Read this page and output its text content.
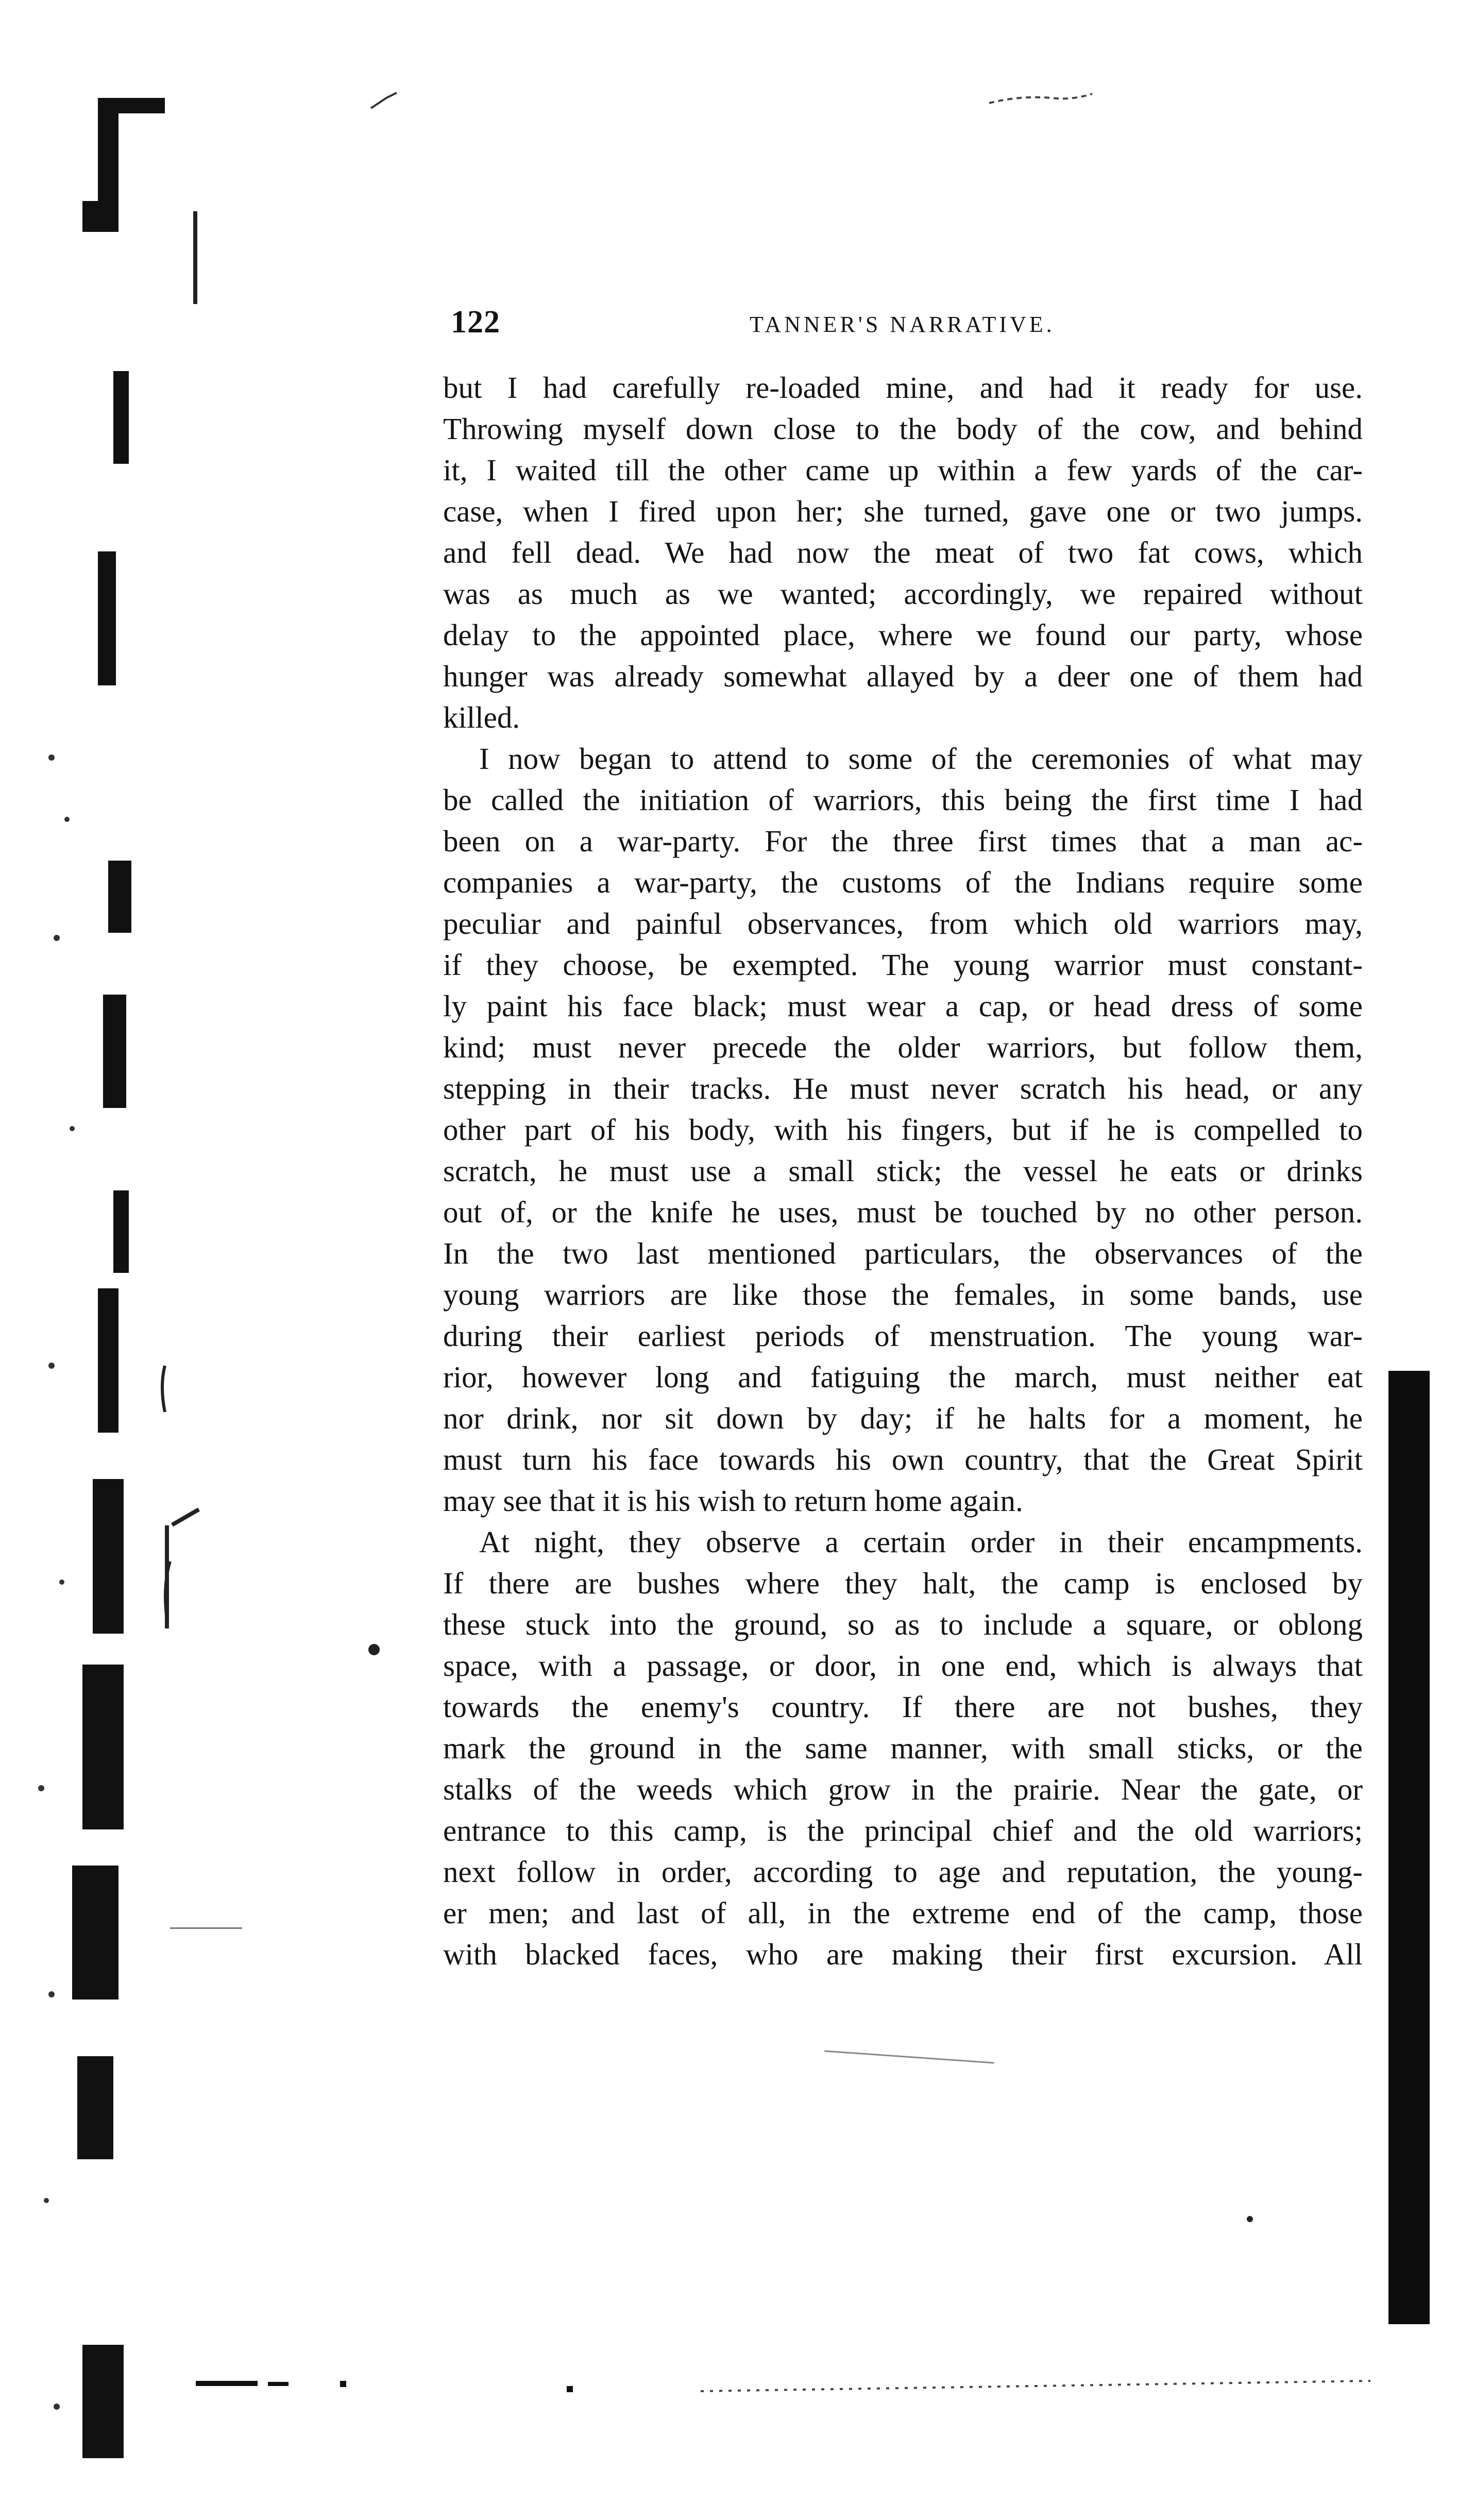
122	TANNER'S NARRATIVE.
but I had carefully re-loaded mine, and had it ready for use.
Throwing myself down close to the body of the cow, and behind
it, I waited till the other came up within a few yards of the car-
case, when I fired upon her; she turned, gave one or two jumps.
and fell dead. We had now the meat of two fat cows, which
was as much as we wanted; accordingly, we repaired without
delay to the appointed place, where we found our party, whose
hunger was already somewhat allayed by a deer one of them had
killed.
I now began to attend to some of the ceremonies of what may
be called the initiation of warriors, this being the first time I had
been on a war-party. For the three first times that a man ac-
companies a war-party, the customs of the Indians require some
peculiar and painful observances, from which old warriors may,
if they choose, be exempted. The young warrior must constant-
ly paint his face black; must wear a cap, or head dress of some
kind; must never precede the older warriors, but follow them,
stepping in their tracks. He must never scratch his head, or any
other part of his body, with his fingers, but if he is compelled to
scratch, he must use a small stick; the vessel he eats or drinks
out of, or the knife he uses, must be touched by no other person.
In the two last mentioned particulars, the observances of the
young warriors are like those the females, in some bands, use
during their earliest periods of menstruation. The young war-
rior, however long and fatiguing the march, must neither eat
nor drink, nor sit down by day; if he halts for a moment, he
must turn his face towards his own country, that the Great Spirit
may see that it is his wish to return home again.
At night, they observe a certain order in their encampments.
If there are bushes where they halt, the camp is enclosed by
these stuck into the ground, so as to include a square, or oblong
space, with a passage, or door, in one end, which is always that
towards the enemy's country. If there are not bushes, they
mark the ground in the same manner, with small sticks, or the
stalks of the weeds which grow in the prairie. Near the gate, or
entrance to this camp, is the principal chief and the old warriors;
next follow in order, according to age and reputation, the young-
er men; and last of all, in the extreme end of the camp, those
with blacked faces, who are making their first excursion. All
